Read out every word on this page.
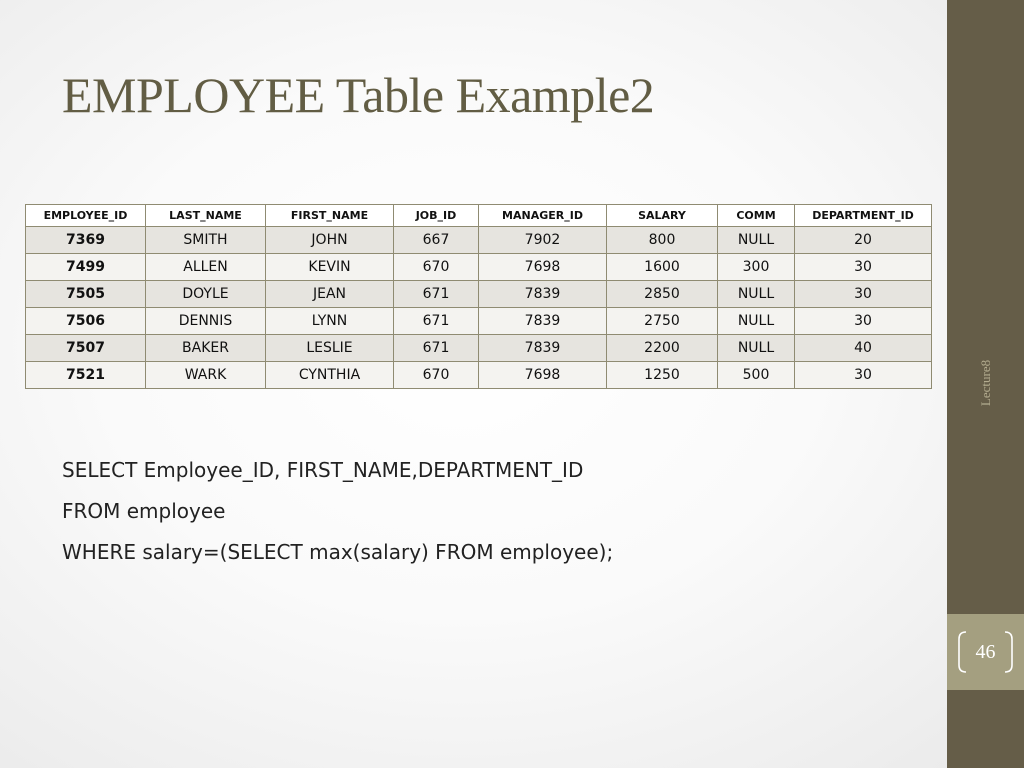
EMPLOYEE Table Example2
EMPLOYEE_ID	LAST_NAME	FIRST_NAME	JOB_ID	MANAGER_ID	SALARY	COMM	DEPARTMENT_ID
7369	SMITH	JOHN	667	7902	800	NULL	20
7499	ALLEN	KEVIN	670	7698	1600	300	30
7505	DOYLE	JEAN	671	7839	2850	NULL	30
7506	DENNIS	LYNN	671	7839	2750	NULL	30
7507	BAKER	LESLIE	671	7839	2200	NULL	40
7521	WARK	CYNTHIA	670	7698	1250	500	30
SELECT Employee_ID, FIRST_NAME,DEPARTMENT_ID
FROM employee
WHERE salary=(SELECT max(salary) FROM employee);
Lecture8
46
